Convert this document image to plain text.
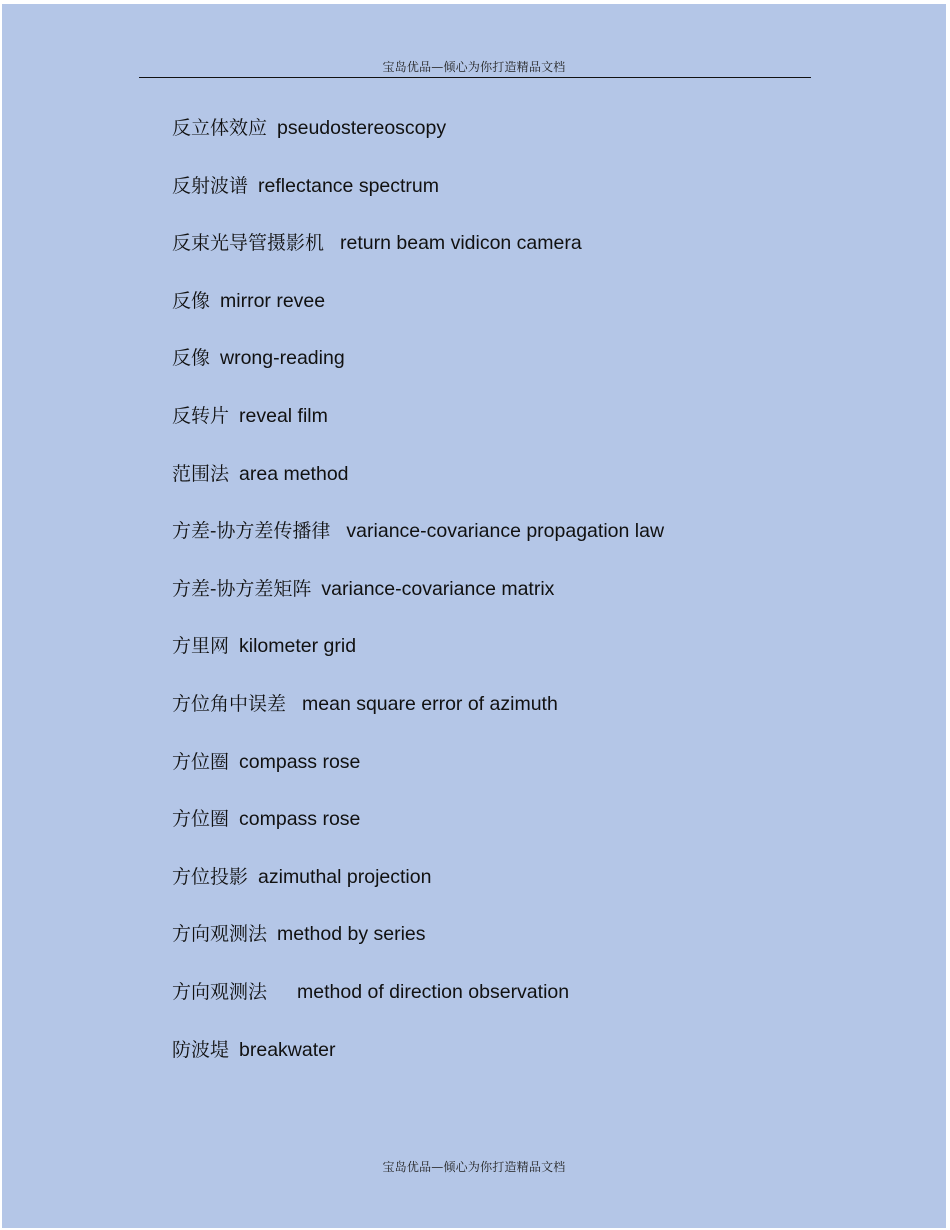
宝岛优品—倾心为你打造精品文档
反立体效应 pseudostereoscopy
反射波谱 reflectance spectrum
反束光导管摄影机 return beam vidicon camera
反像 mirror revee
反像 wrong-reading
反转片 reveal film
范围法 area method
方差-协方差传播律 variance-covariance propagation law
方差-协方差矩阵 variance-covariance matrix
方里网 kilometer grid
方位角中误差 mean square error of azimuth
方位圈 compass rose
方位圈 compass rose
方位投影 azimuthal projection
方向观测法 method by series
方向观测法 method of direction observation
防波堤 breakwater
宝岛优品—倾心为你打造精品文档
